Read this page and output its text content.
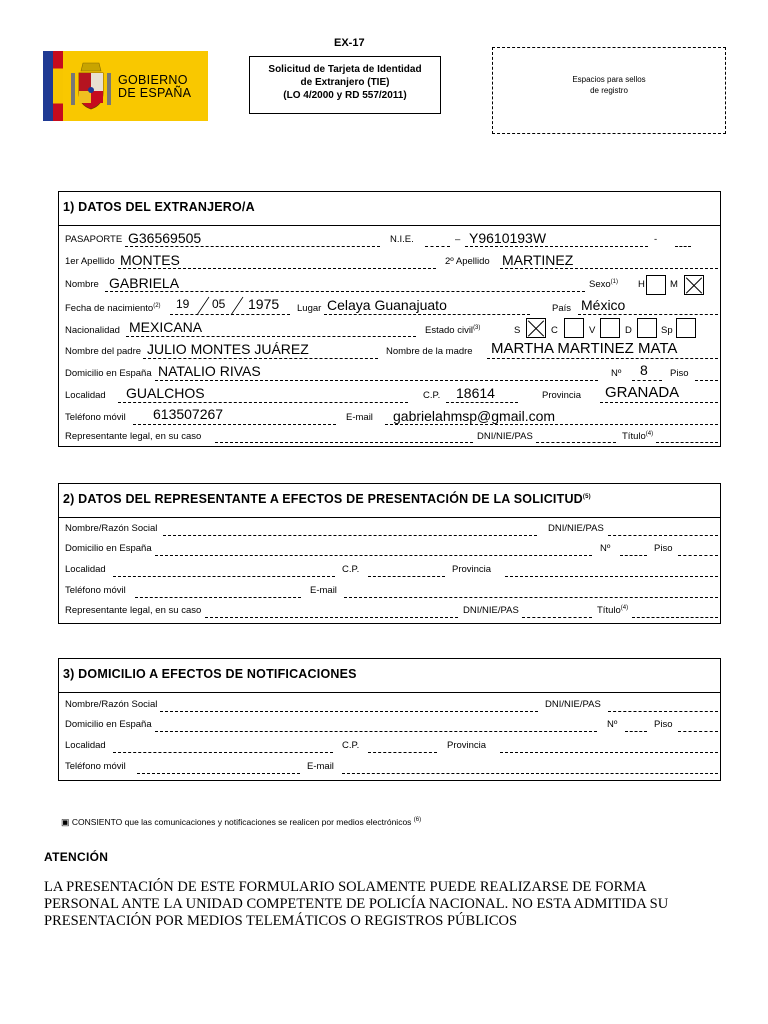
GOBIERNO
DE ESPAÑA
EX-17
Solicitud de Tarjeta de Identidad
de Extranjero (TIE)
(LO 4/2000 y RD 557/2011)
Espacios para sellos
de registro
1) DATOS DEL EXTRANJERO/A
PASAPORTE G36569505	N.I.E.	– Y9610193W	-
1er Apellido MONTES	2º Apellido MARTINEZ
Nombre GABRIELA	Sexo$^{(1)}$ H	M
Fecha de nacimiento$^{(2)}$ 19 05 1975 Lugar Celaya Guanajuato	País México
Nacionalidad MEXICANA	Estado civil$^{(3)}$	S	C	V	D	Sp
Nombre del padre JULIO MONTES JUÁREZ	Nombre de la madre MARTHA MARTINEZ MATA
Domicilio en España NATALIO RIVAS	Nº 8 Piso
Localidad GUALCHOS	C.P. 18614	Provincia GRANADA
Teléfono móvil 613507267	E-mail gabrielahmsp@gmail.com
Representante legal, en su caso	DNI/NIE/PAS	Título$^{(4)}$
2) DATOS DEL REPRESENTANTE A EFECTOS DE PRESENTACIÓN DE LA SOLICITUD$^{(5)}$
Nombre/Razón Social	DNI/NIE/PAS
Domicilio en España	Nº	Piso
Localidad	C.P.	Provincia
Teléfono móvil	E-mail
Representante legal, en su caso	DNI/NIE/PAS	Título$^{(4)}$
3) DOMICILIO A EFECTOS DE NOTIFICACIONES
Nombre/Razón Social	DNI/NIE/PAS
Domicilio en España	Nº	Piso
Localidad	C.P.	Provincia
Teléfono móvil	E-mail
▣ CONSIENTO que las comunicaciones y notificaciones se realicen por medios electrónicos $^{(6)}$
ATENCIÓN
LA PRESENTACIÓN DE ESTE FORMULARIO SOLAMENTE PUEDE REALIZARSE DE FORMA
PERSONAL ANTE LA UNIDAD COMPETENTE DE POLICÍA NACIONAL. NO ESTA ADMITIDA SU
PRESENTACIÓN POR MEDIOS TELEMÁTICOS O REGISTROS PÚBLICOS
